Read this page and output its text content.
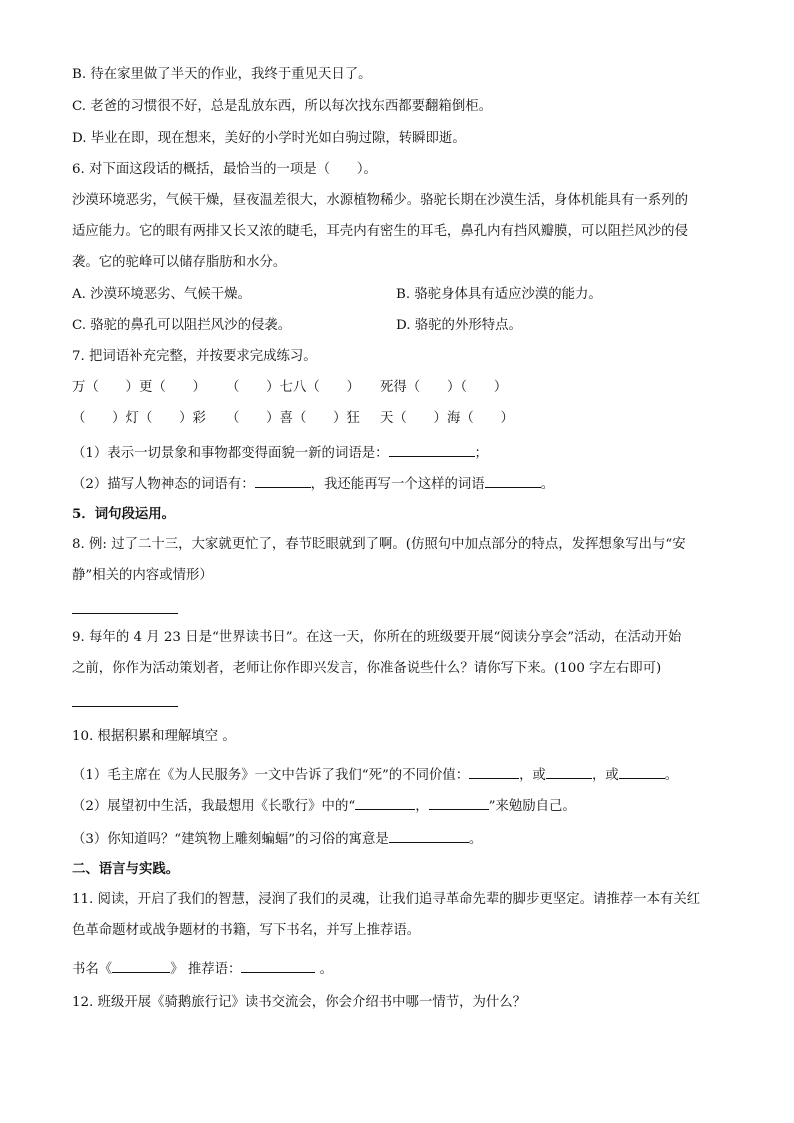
B. 待在家里做了半天的作业，我终于重见天日了。
C. 老爸的习惯很不好，总是乱放东西，所以每次找东西都要翻箱倒柜。
D. 毕业在即，现在想来，美好的小学时光如白驹过隙，转瞬即逝。
6. 对下面这段话的概括，最恰当的一项是（　　）。
沙漠环境恶劣，气候干燥，昼夜温差很大，水源植物稀少。骆驼长期在沙漠生活，身体机能具有一系列的
适应能力。它的眼有两排又长又浓的睫毛，耳壳内有密生的耳毛，鼻孔内有挡风瓣膜，可以阻拦风沙的侵
袭。它的驼峰可以储存脂肪和水分。
A. 沙漠环境恶劣、气候干燥。	B. 骆驼身体具有适应沙漠的能力。
C. 骆驼的鼻孔可以阻拦风沙的侵袭。	D. 骆驼的外形特点。
7. 把词语补充完整，并按要求完成练习。
万（　　）更（　　） （　　）七八（　　） 死得（　　）（　　）
（　　）灯（　　）彩 （　　）喜（　　）狂 天（　　）海（　　）
（1）表示一切景象和事物都变得面貌一新的词语是：	；
（2）描写人物神态的词语有：	，我还能再写一个这样的词语	。
5．词句段运用。
8. 例: 过了二十三，大家就更忙了，春节眨眼就到了啊。(仿照句中加点部分的特点，发挥想象写出与“安
静”相关的内容或情形）
9. 每年的 4 月 23 日是“世界读书日”。在这一天，你所在的班级要开展“阅读分享会”活动，在活动开始
之前，你作为活动策划者，老师让你作即兴发言，你准备说些什么？请你写下来。(100 字左右即可)
10. 根据积累和理解填空 。
（1）毛主席在《为人民服务》一文中告诉了我们“死”的不同价值：	，或	，或	。
（2）展望初中生活，我最想用《长歌行》中的“	，	”来勉励自己。
（3）你知道吗？“建筑物上雕刻蝙蝠”的习俗的寓意是	。
二、语言与实践。
11. 阅读，开启了我们的智慧，浸润了我们的灵魂，让我们追寻革命先辈的脚步更坚定。请推荐一本有关红
色革命题材或战争题材的书籍，写下书名，并写上推荐语。
书名《	》 推荐语：	。
12. 班级开展《骑鹅旅行记》读书交流会，你会介绍书中哪一情节，为什么？
